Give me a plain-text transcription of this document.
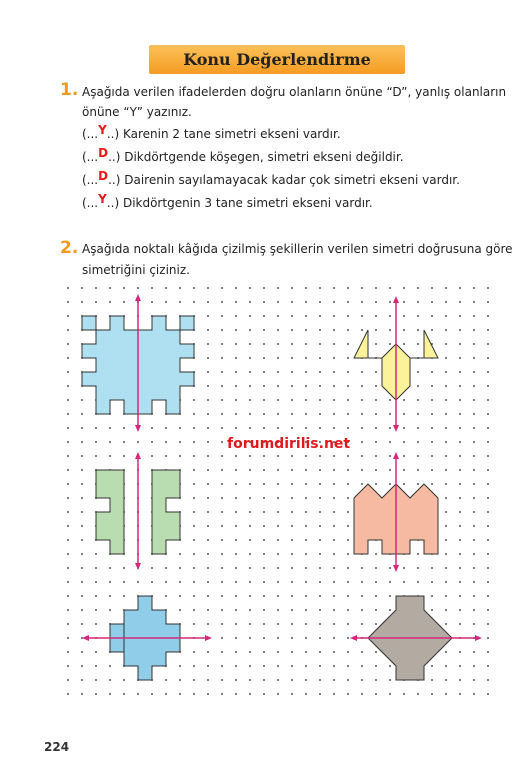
Konu Değerlendirme
1. Aşağıda verilen ifadelerden doğru olanların önüne “D”, yanlış olanların
önüne “Y” yazınız.
(...Y..) Karenin 2 tane simetri ekseni vardır.
(...D..) Dikdörtgende köşegen, simetri ekseni değildir.
(...D..) Dairenin sayılamayacak kadar çok simetri ekseni vardır.
(...Y..) Dikdörtgenin 3 tane simetri ekseni vardır.
2. Aşağıda noktalı kâğıda çizilmiş şekillerin verilen simetri doğrusuna göre
simetriğini çiziniz.
forumdirilis.net
224
